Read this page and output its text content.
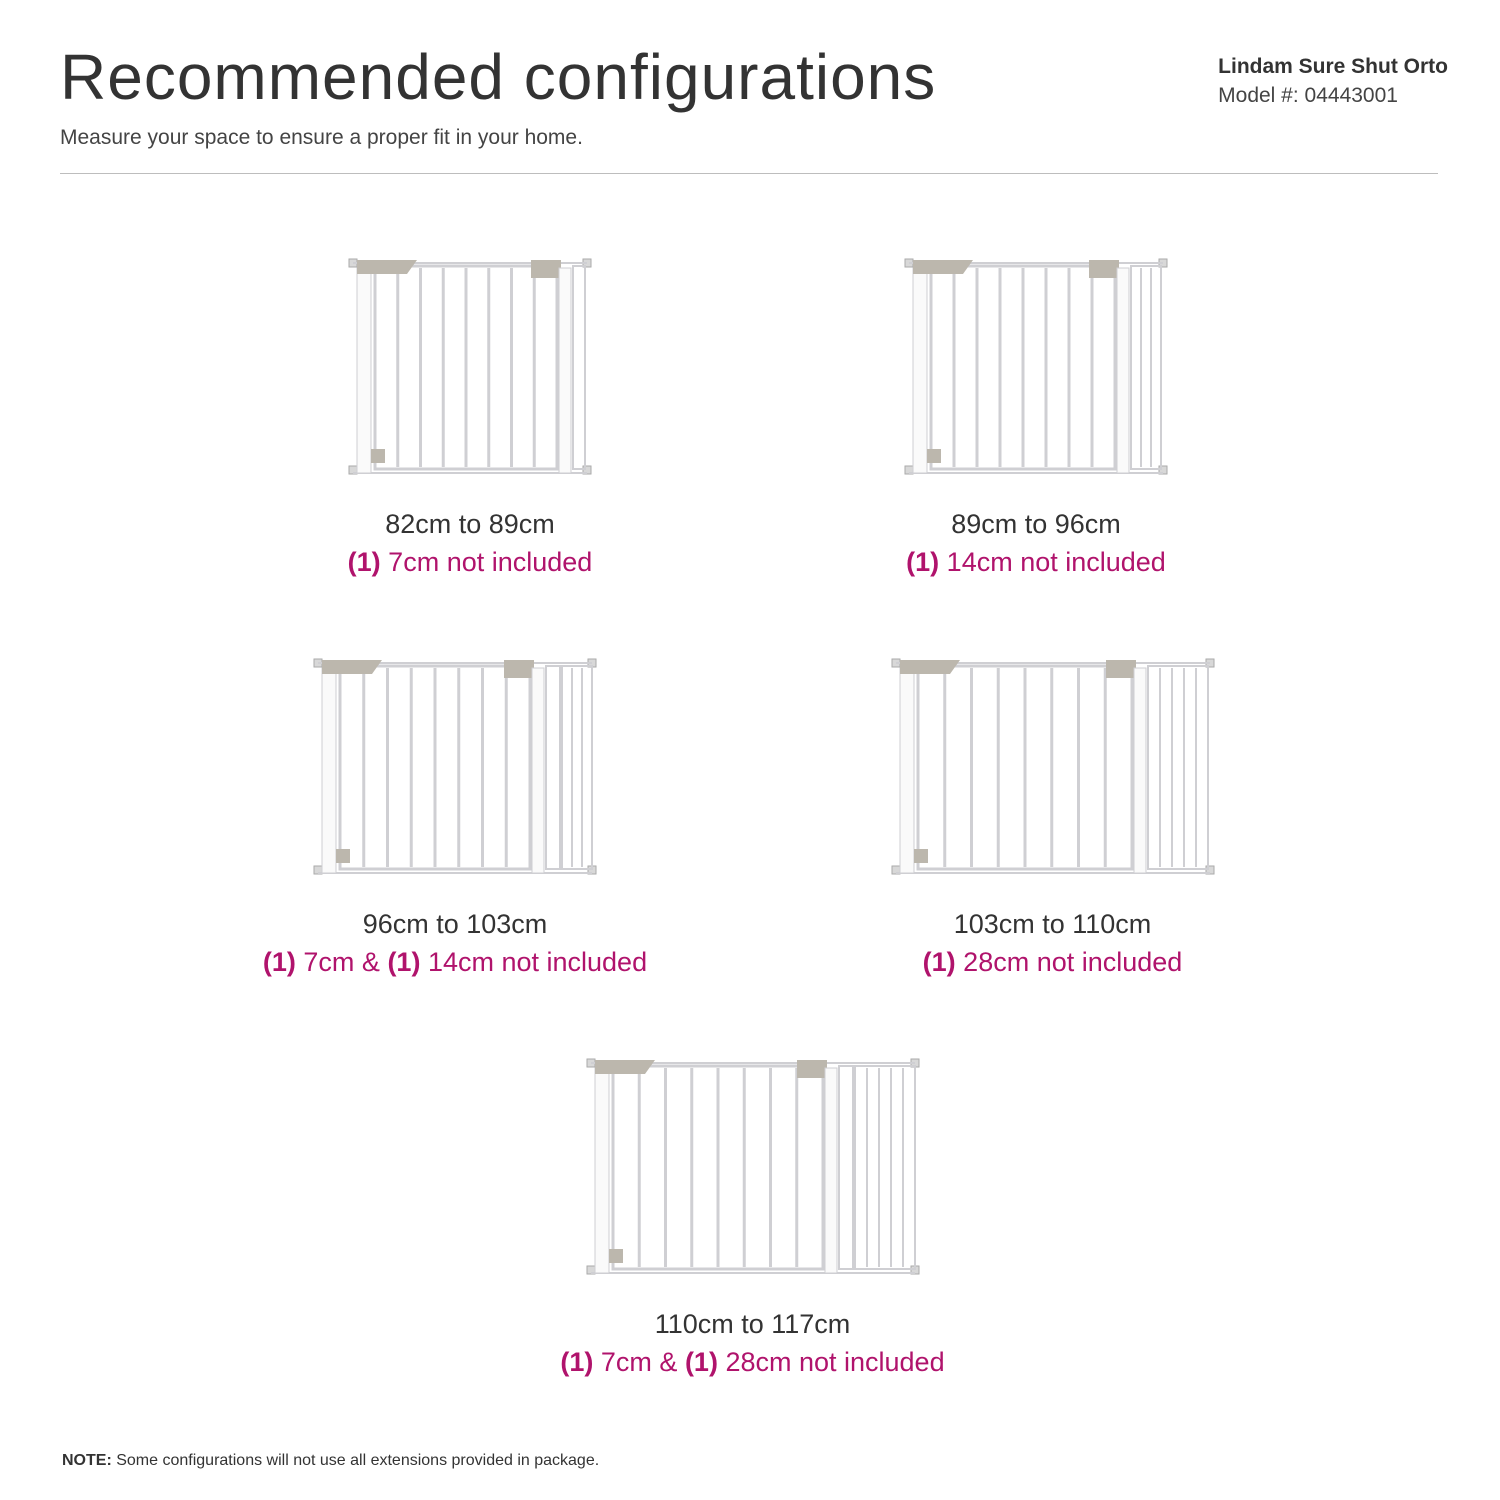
Recommended configurations
Measure your space to ensure a proper fit in your home.
Lindam Sure Shut Orto
Model #: 04443001
82cm to 89cm
(1) 7cm not included
89cm to 96cm
(1) 14cm not included
96cm to 103cm
(1) 7cm & (1) 14cm not included
103cm to 110cm
(1) 28cm not included
110cm to 117cm
(1) 7cm & (1) 28cm not included
NOTE: Some configurations will not use all extensions provided in package.
